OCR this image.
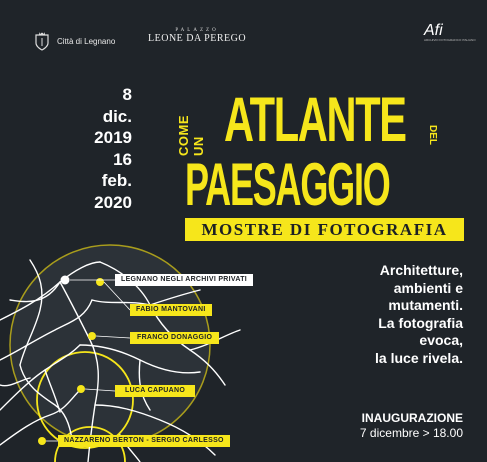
Città di Legnano
PALAZZO
LEONE DA PEREGO	Afi
ARCHIVIO FOTOGRAFICO ITALIANO
8
dic.
2019
16
feb.
2020
COME UN ATLANTE DEL
PAESAGGIO
MOSTRE DI FOTOGRAFIA
Architetture,
ambienti e
mutamenti.
La fotografia
evoca,
la luce rivela.
LEGNANO NEGLI ARCHIVI PRIVATI
FABIO MANTOVANI
FRANCO DONAGGIO
LUCA CAPUANO
NAZZARENO BERTON - SERGIO CARLESSO
INAUGURAZIONE
7 dicembre > 18.00
